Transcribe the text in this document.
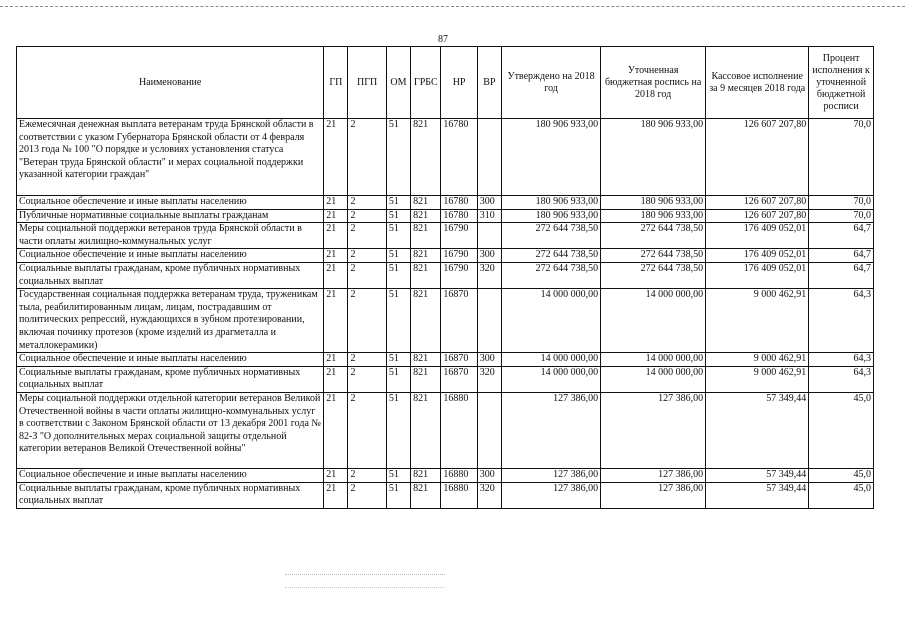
87
Наименование	ГП	ПГП	ОМ	ГРБС	НР	ВР	Утверждено на 2018 год	Уточненная бюджетная роспись на 2018 год	Кассовое исполнение за 9 месяцев 2018 года	Процент исполнения к уточненной бюджетной росписи
Ежемесячная денежная выплата ветеранам труда Брянской области в соответствии с указом Губернатора Брянской области от 4 февраля 2013 года № 100 "О порядке и условиях установления статуса "Ветеран труда Брянской области" и мерах социальной поддержки указанной категории граждан"	21	2	51	821	16780		180 906 933,00	180 906 933,00	126 607 207,80	70,0
Социальное обеспечение и иные выплаты населению	21	2	51	821	16780	300	180 906 933,00	180 906 933,00	126 607 207,80	70,0
Публичные нормативные социальные выплаты гражданам	21	2	51	821	16780	310	180 906 933,00	180 906 933,00	126 607 207,80	70,0
Меры социальной поддержки ветеранов труда Брянской области в части оплаты жилищно-коммунальных услуг	21	2	51	821	16790		272 644 738,50	272 644 738,50	176 409 052,01	64,7
Социальное обеспечение и иные выплаты населению	21	2	51	821	16790	300	272 644 738,50	272 644 738,50	176 409 052,01	64,7
Социальные выплаты гражданам, кроме публичных нормативных социальных выплат	21	2	51	821	16790	320	272 644 738,50	272 644 738,50	176 409 052,01	64,7
Государственная социальная поддержка ветеранам труда, труженикам тыла, реабилитированным лицам, лицам, пострадавшим от политических репрессий, нуждающихся в зубном протезировании, включая починку протезов (кроме изделий из драгметалла и металлокерамики)	21	2	51	821	16870		14 000 000,00	14 000 000,00	9 000 462,91	64,3
Социальное обеспечение и иные выплаты населению	21	2	51	821	16870	300	14 000 000,00	14 000 000,00	9 000 462,91	64,3
Социальные выплаты гражданам, кроме публичных нормативных социальных выплат	21	2	51	821	16870	320	14 000 000,00	14 000 000,00	9 000 462,91	64,3
Меры социальной поддержки отдельной категории ветеранов Великой Отечественной войны в части оплаты жилищно-коммунальных услуг в соответствии с Законом Брянской области от 13 декабря 2001 года № 82-З "О дополнительных мерах социальной защиты отдельной категории ветеранов Великой Отечественной войны"	21	2	51	821	16880		127 386,00	127 386,00	57 349,44	45,0
Социальное обеспечение и иные выплаты населению	21	2	51	821	16880	300	127 386,00	127 386,00	57 349,44	45,0
Социальные выплаты гражданам, кроме публичных нормативных социальных выплат	21	2	51	821	16880	320	127 386,00	127 386,00	57 349,44	45,0
